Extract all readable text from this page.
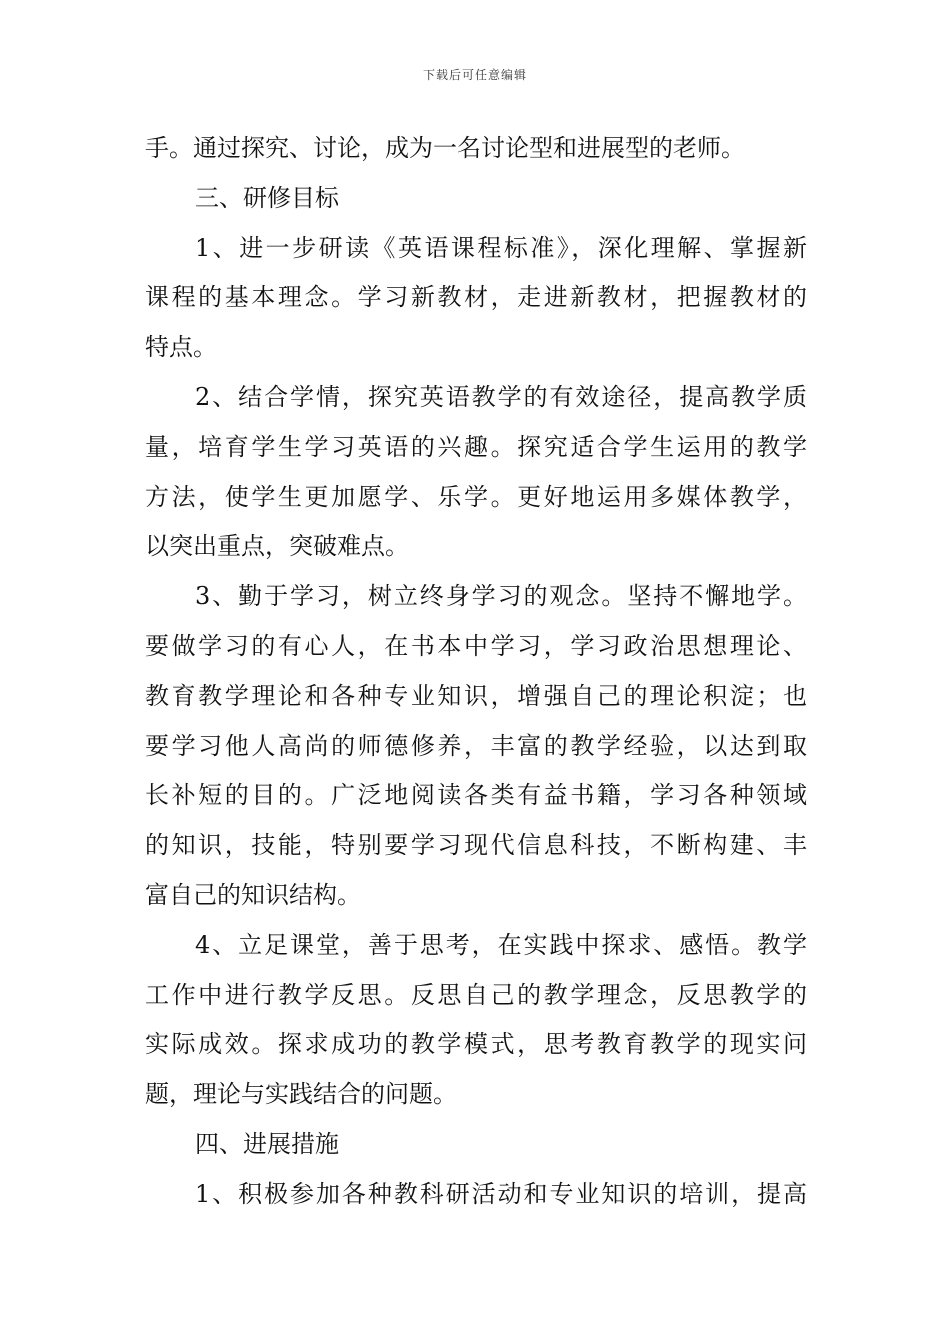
下载后可任意编辑
手。通过探究、讨论，成为一名讨论型和进展型的老师。
三、研修目标
1、进一步研读《英语课程标准》，深化理解、掌握新
课程的基本理念。学习新教材，走进新教材，把握教材的
特点。
2、结合学情，探究英语教学的有效途径，提高教学质
量，培育学生学习英语的兴趣。探究适合学生运用的教学
方法，使学生更加愿学、乐学。更好地运用多媒体教学，
以突出重点，突破难点。
3、勤于学习，树立终身学习的观念。坚持不懈地学。
要做学习的有心人，在书本中学习，学习政治思想理论、
教育教学理论和各种专业知识，增强自己的理论积淀；也
要学习他人高尚的师德修养，丰富的教学经验，以达到取
长补短的目的。广泛地阅读各类有益书籍，学习各种领域
的知识，技能，特别要学习现代信息科技，不断构建、丰
富自己的知识结构。
4、立足课堂，善于思考，在实践中探求、感悟。教学
工作中进行教学反思。反思自己的教学理念，反思教学的
实际成效。探求成功的教学模式，思考教育教学的现实问
题，理论与实践结合的问题。
四、进展措施
1、积极参加各种教科研活动和专业知识的培训，提高
